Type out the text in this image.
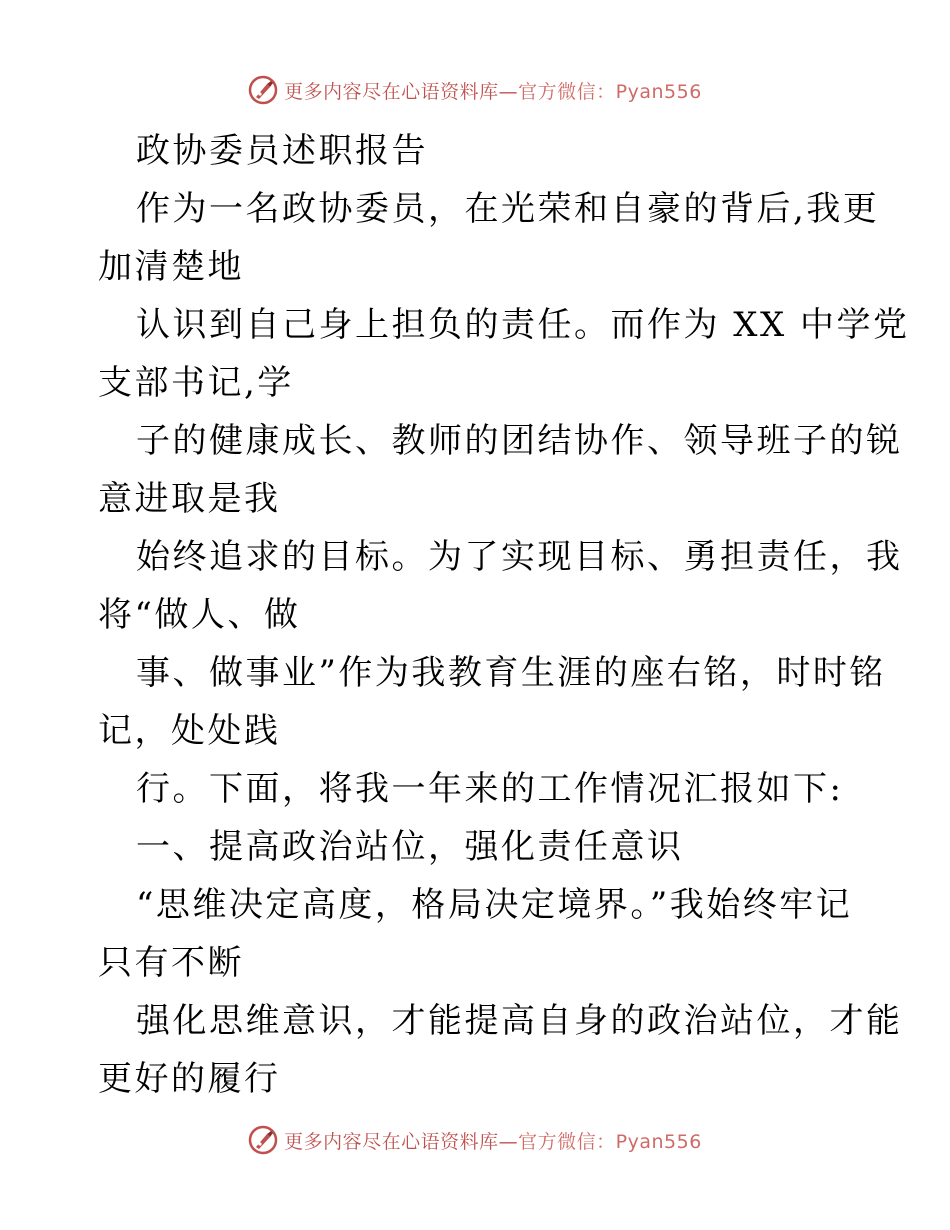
更多内容尽在心语资料库—官方微信：Pyan556
政协委员述职报告
作为一名政协委员，在光荣和自豪的背后,我更
加清楚地
认识到自己身上担负的责任。而作为 XX 中学党
支部书记,学
子的健康成长、教师的团结协作、领导班子的锐
意进取是我
始终追求的目标。为了实现目标、勇担责任，我
将“做人、做
事、做事业”作为我教育生涯的座右铭，时时铭
记，处处践
行。下面，将我一年来的工作情况汇报如下:
一、提高政治站位，强化责任意识
“思维决定高度，格局决定境界。”我始终牢记
只有不断
强化思维意识，才能提高自身的政治站位，才能
更好的履行
更多内容尽在心语资料库—官方微信：Pyan556
